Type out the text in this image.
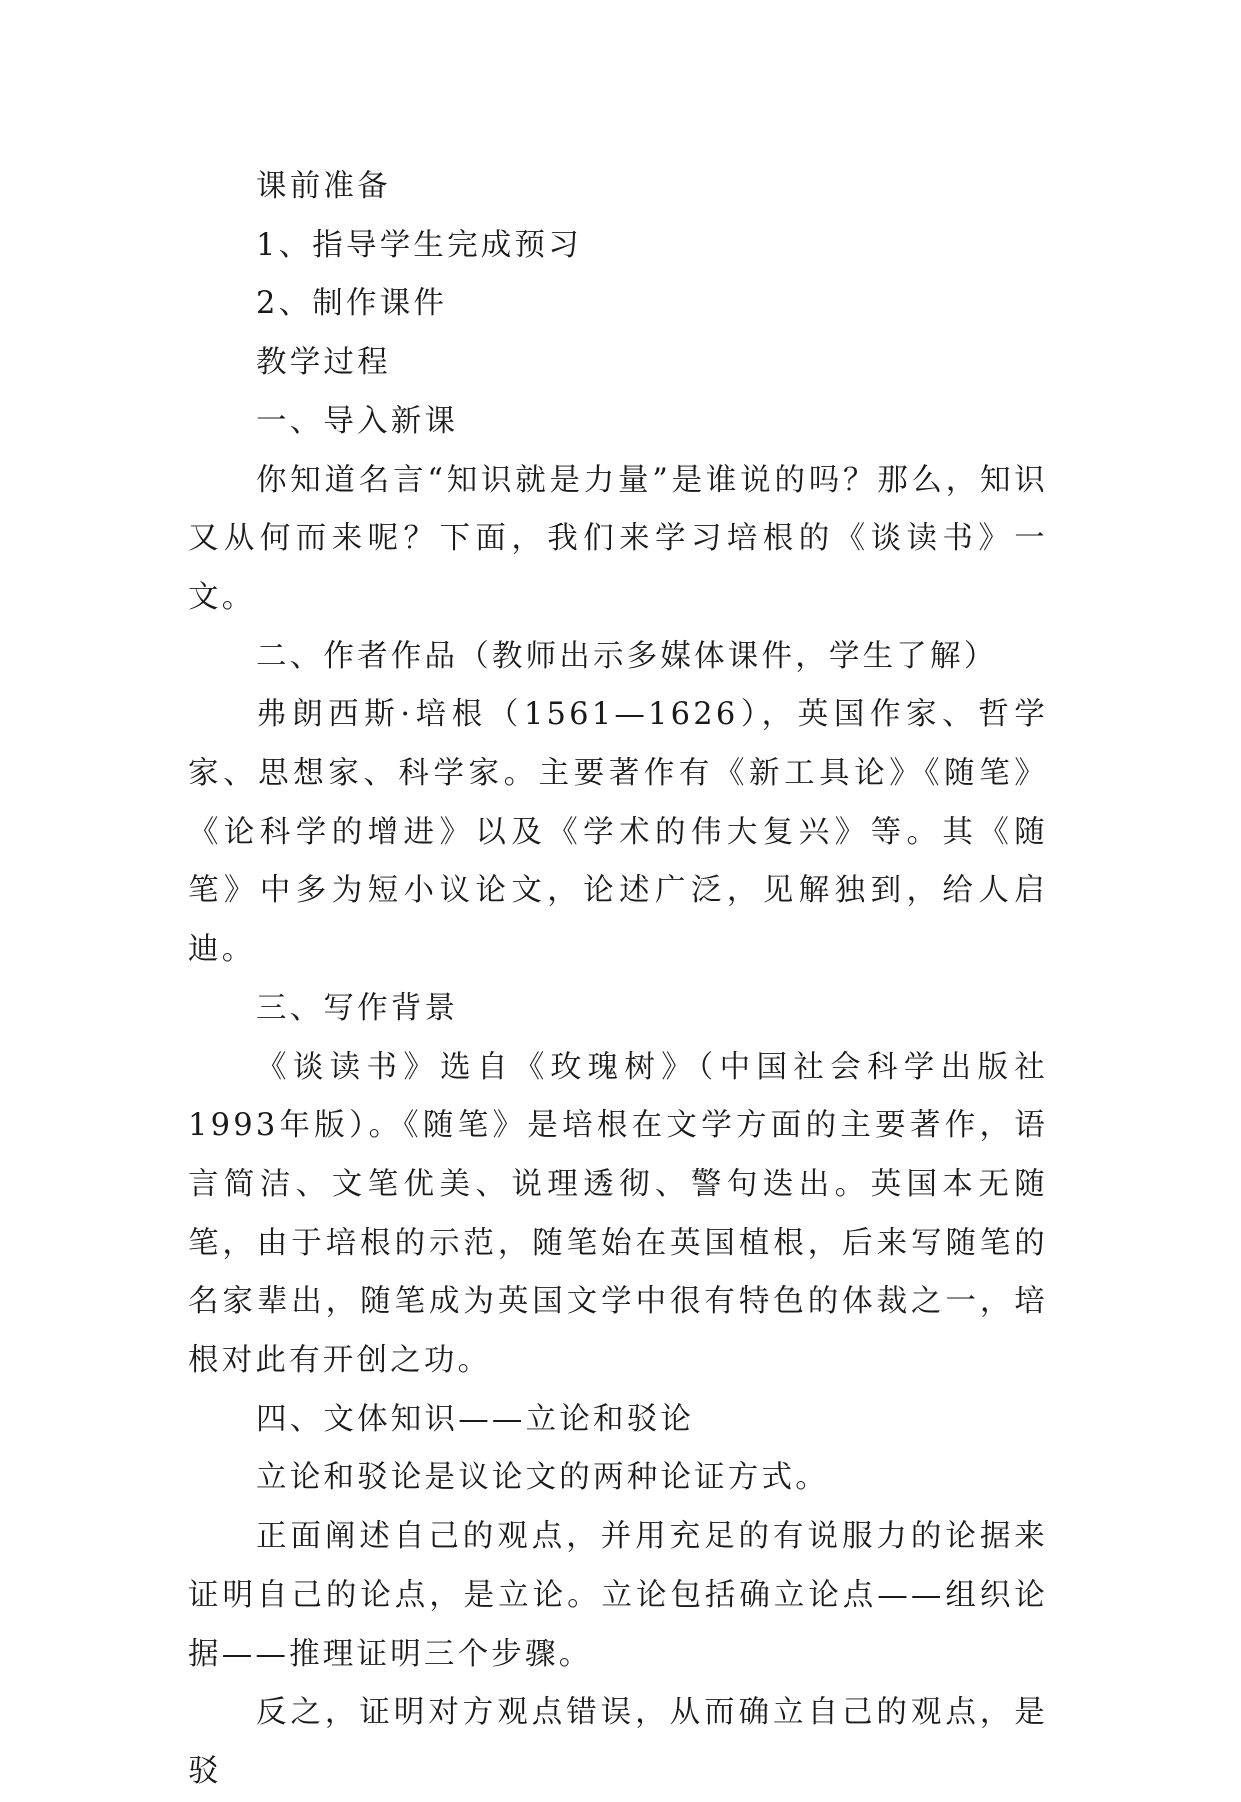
课前准备

1、指导学生完成预习

2、制作课件

教学过程

一、导入新课

你知道名言“知识就是力量”是谁说的吗？那么，知识又从何而来呢？下面，我们来学习培根的《谈读书》一文。

二、作者作品（教师出示多媒体课件，学生了解）

弗朗西斯·培根（1561—1626），英国作家、哲学家、思想家、科学家。主要著作有《新工具论》《随笔》《论科学的增进》以及《学术的伟大复兴》等。其《随笔》中多为短小议论文，论述广泛，见解独到，给人启迪。

三、写作背景

《谈读书》选自《玫瑰树》（中国社会科学出版社 1993年版）。《随笔》是培根在文学方面的主要著作，语言简洁、文笔优美、说理透彻、警句迭出。英国本无随笔，由于培根的示范，随笔始在英国植根，后来写随笔的名家辈出，随笔成为英国文学中很有特色的体裁之一，培根对此有开创之功。

四、文体知识——立论和驳论

立论和驳论是议论文的两种论证方式。

正面阐述自己的观点，并用充足的有说服力的论据来证明自己的论点，是立论。立论包括确立论点——组织论据——推理证明三个步骤。

反之，证明对方观点错误，从而确立自己的观点，是驳
